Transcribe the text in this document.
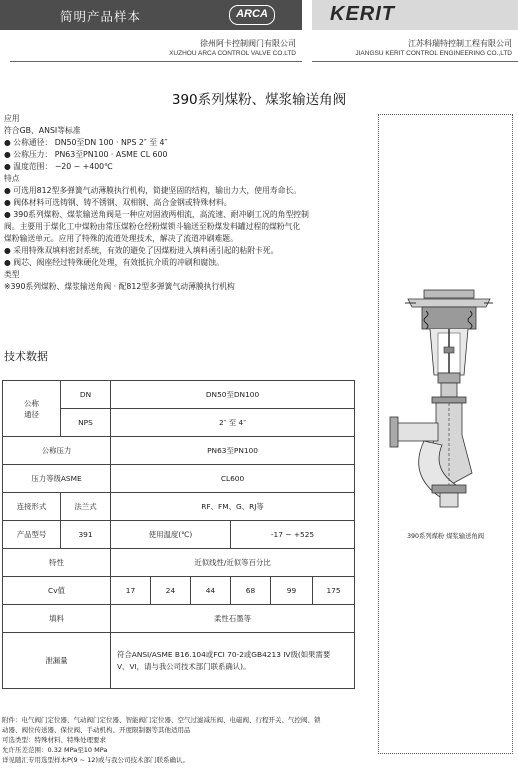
简明产品样本	ARCA	KERIT
徐州阿卡控制阀门有限公司
XUZHOU ARCA CONTROL VALVE CO.LTD
江苏科瑞特控制工程有限公司
JIANGSU KERIT CONTROL ENGINEERING CO.,LTD
390系列煤粉、煤浆输送角阀
应用
符合GB、ANSI等标准
● 公称通径： DN50至DN 100 · NPS 2″ 至 4″
● 公称压力： PN63至PN100 · ASME CL 600
● 温度范围： −20 ~ +400℃
特点
● 可选用812型多弹簧气动薄膜执行机构，简捷坚固的结构，输出力大，使用寿命长。
● 阀体材料可选铸钢、铸不锈钢、双相钢、高合金钢或特殊材料。
● 390系列煤粉、煤浆输送角阀是一种应对固液两相流，高流速、耐冲刷工况的角型控制
阀。主要用于煤化工中煤粉由常压煤粉仓经粉煤锁斗输送至粉煤发料罐过程的煤粉气化
煤粉输送单元。应用了特殊的流道处理技术，解决了流道冲刷难题。
● 采用特殊双填料密封系统，有效的避免了因煤粉进入填料函引起的粘附卡死。
● 阀芯、阀座经过特殊硬化处理，有效抵抗介质的冲刷和腐蚀。
类型
※390系列煤粉、煤浆输送角阀 · 配812型多弹簧气动薄膜执行机构
技术数据
390系列煤粉 煤浆输送角阀
公称
通径	DN	DN50至DN100					
	NPS	2″ 至 4″					
公称压力		PN63至PN100					
压力等级ASME		CL600					
连接形式	法兰式	RF、FM、G、RJ等					
产品型号	391	使用温度(℃)			-17 ~ +525		
特性		近似线性/近似等百分比					
Cv值		17	24	44	68	99	175
填料		柔性石墨等					
泄漏量		符合ANSI/ASME B16.104或FCI 70-2或GB4213 IV级(如果需要
V、VI，请与我公司技术部门联系确认)。					
附件：电气阀门定位器、气动阀门定位器、智能阀门定位器、空气过滤减压阀、电磁阀、行程开关、气控阀、锁
动器、阀位传送器、保位阀、手动机构、开度限制器等其他适用品
可选类型：特殊材料、特殊处理要求
允许压差范围：0.32 MPa至10 MPa
详见随汇专用选型样本P(9 ~ 12)或与我公司技术部门联系确认。
